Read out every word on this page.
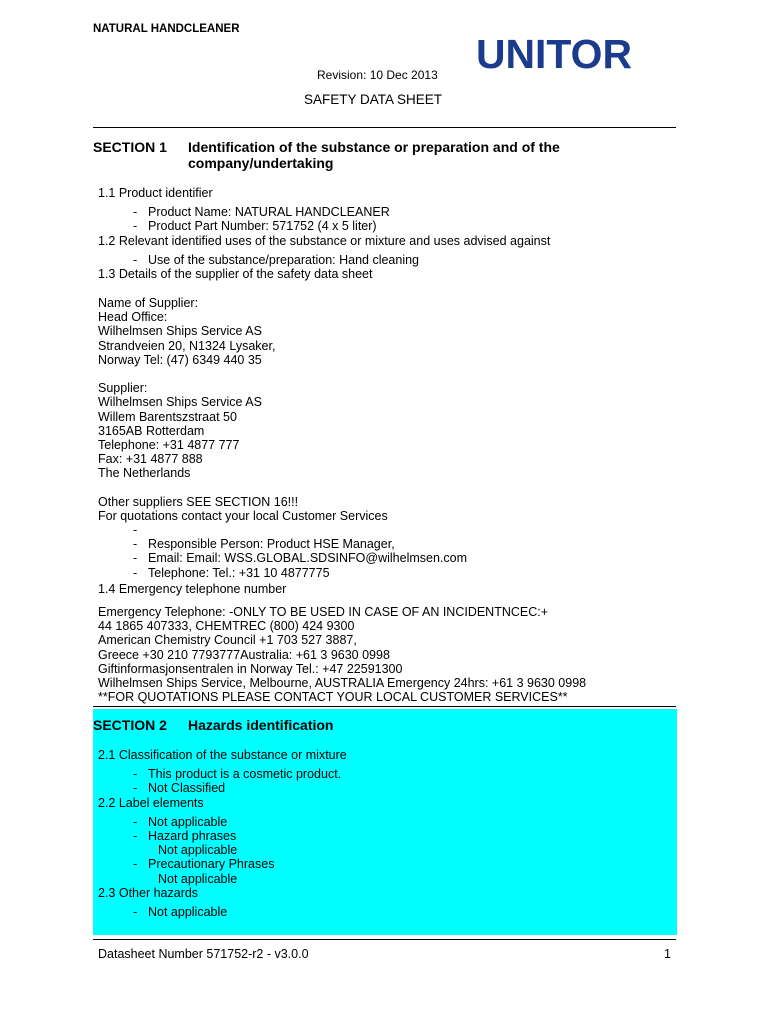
NATURAL HANDCLEANER
UNITOR
Revision: 10 Dec 2013
SAFETY DATA SHEET
SECTION 1 Identification of the substance or preparation and of the company/undertaking
1.1 Product identifier
- Product Name: NATURAL HANDCLEANER
- Product Part Number: 571752 (4 x 5 liter)
1.2 Relevant identified uses of the substance or mixture and uses advised against
- Use of the substance/preparation: Hand cleaning
1.3 Details of the supplier of the safety data sheet
Name of Supplier:
Head Office:
Wilhelmsen Ships Service AS
Strandveien 20, N1324 Lysaker,
Norway Tel: (47) 6349 440 35
Supplier:
Wilhelmsen Ships Service AS
Willem Barentszstraat 50
3165AB Rotterdam
Telephone: +31 4877 777
Fax: +31 4877 888
The Netherlands
Other suppliers SEE SECTION 16!!!
For quotations contact your local Customer Services
-
- Responsible Person: Product HSE Manager,
- Email: Email: WSS.GLOBAL.SDSINFO@wilhelmsen.com
- Telephone: Tel.: +31 10 4877775
1.4 Emergency telephone number
Emergency Telephone: -ONLY TO BE USED IN CASE OF AN INCIDENTNCEC:+
44 1865 407333, CHEMTREC (800) 424 9300
American Chemistry Council +1 703 527 3887,
Greece +30 210 7793777Australia: +61 3 9630 0998
Giftinformasjonsentralen in Norway Tel.: +47 22591300
Wilhelmsen Ships Service, Melbourne, AUSTRALIA Emergency 24hrs: +61 3 9630 0998
**FOR QUOTATIONS PLEASE CONTACT YOUR LOCAL CUSTOMER SERVICES**
SECTION 2 Hazards identification
2.1 Classification of the substance or mixture
- This product is a cosmetic product.
- Not Classified
2.2 Label elements
- Not applicable
- Hazard phrases
Not applicable
- Precautionary Phrases
Not applicable
2.3 Other hazards
- Not applicable
Datasheet Number 571752-r2 - v3.0.0	1
